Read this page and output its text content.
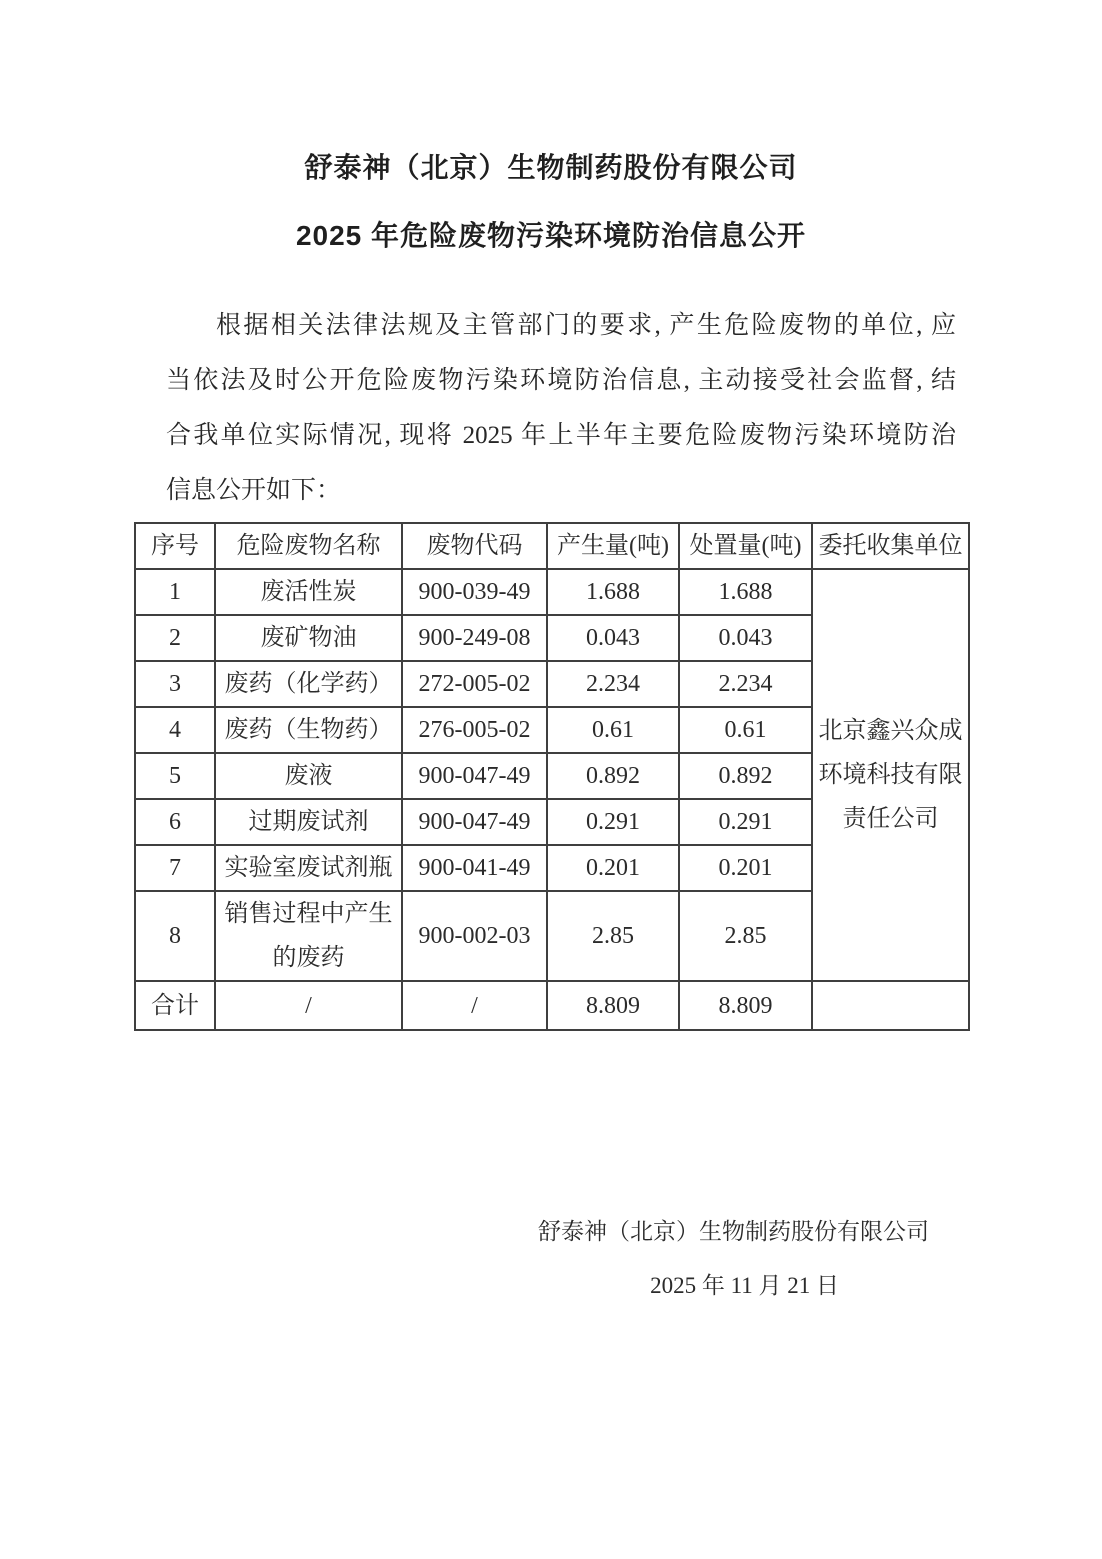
舒泰神（北京）生物制药股份有限公司
2025 年危险废物污染环境防治信息公开

根据相关法律法规及主管部门的要求, 产生危险废物的单位, 应

当依法及时公开危险废物污染环境防治信息, 主动接受社会监督, 结

合我单位实际情况, 现将 2025 年上半年主要危险废物污染环境防治

信息公开如下：

序号	危险废物名称	废物代码	产生量(吨)	处置量(吨)	委托收集单位
1	废活性炭	900-039-49	1.688	1.688	北京鑫兴众成环境科技有限责任公司
2	废矿物油	900-249-08	0.043	0.043	
3	废药（化学药）	272-005-02	2.234	2.234	
4	废药（生物药）	276-005-02	0.61	0.61	
5	废液	900-047-49	0.892	0.892	
6	过期废试剂	900-047-49	0.291	0.291	
7	实验室废试剂瓶	900-041-49	0.201	0.201	
8	销售过程中产生的废药	900-002-03	2.85	2.85	
合计	/	/	8.809	8.809	
舒泰神（北京）生物制药股份有限公司
2025 年 11 月 21 日
